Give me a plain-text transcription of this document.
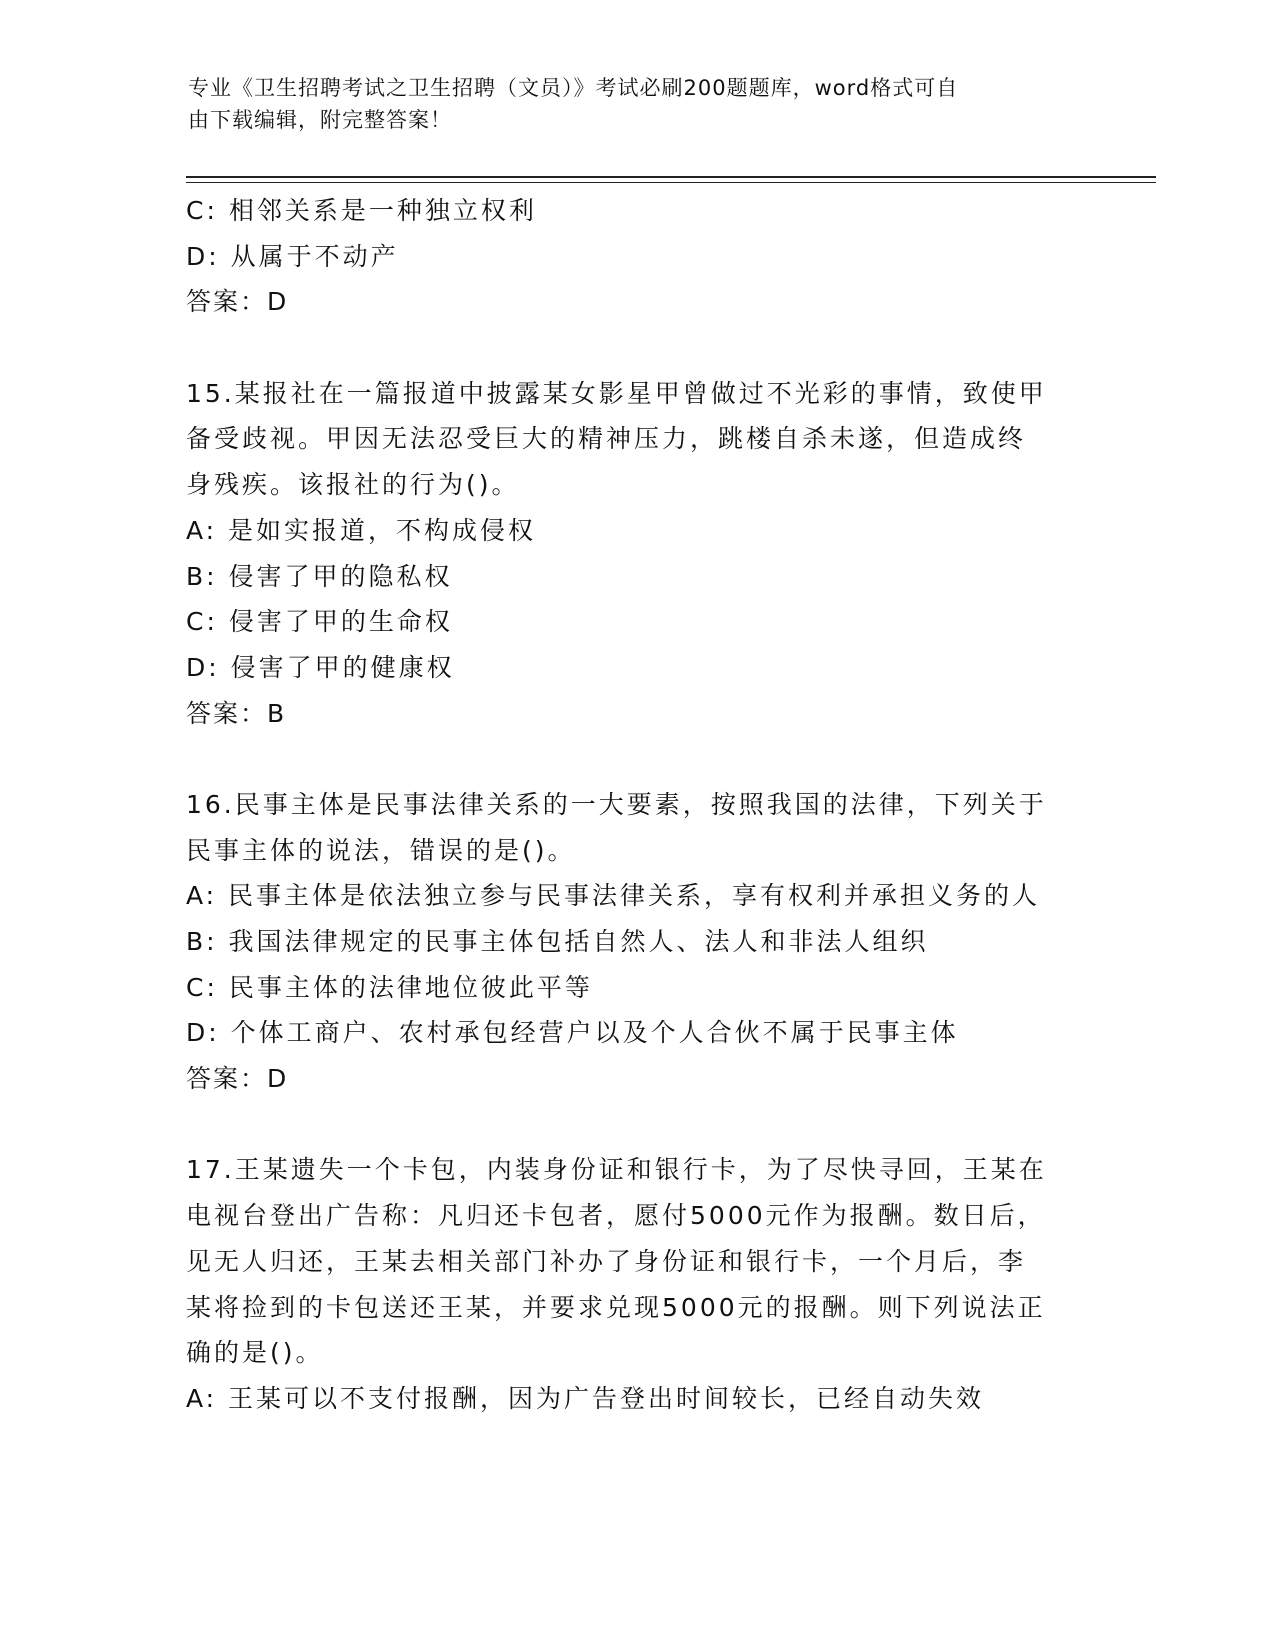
专业《卫生招聘考试之卫生招聘（文员）》考试必刷200题题库，word格式可自
由下载编辑，附完整答案！
C: 相邻关系是一种独立权利
D: 从属于不动产
答案：D
15.某报社在一篇报道中披露某女影星甲曾做过不光彩的事情，致使甲
备受歧视。甲因无法忍受巨大的精神压力，跳楼自杀未遂，但造成终
身残疾。该报社的行为()。
A: 是如实报道，不构成侵权
B: 侵害了甲的隐私权
C: 侵害了甲的生命权
D: 侵害了甲的健康权
答案：B
16.民事主体是民事法律关系的一大要素，按照我国的法律，下列关于
民事主体的说法，错误的是()。
A: 民事主体是依法独立参与民事法律关系，享有权利并承担义务的人
B: 我国法律规定的民事主体包括自然人、法人和非法人组织
C: 民事主体的法律地位彼此平等
D: 个体工商户、农村承包经营户以及个人合伙不属于民事主体
答案：D
17.王某遗失一个卡包，内装身份证和银行卡，为了尽快寻回，王某在
电视台登出广告称：凡归还卡包者，愿付5000元作为报酬。数日后，
见无人归还，王某去相关部门补办了身份证和银行卡，一个月后，李
某将捡到的卡包送还王某，并要求兑现5000元的报酬。则下列说法正
确的是()。
A: 王某可以不支付报酬，因为广告登出时间较长，已经自动失效
